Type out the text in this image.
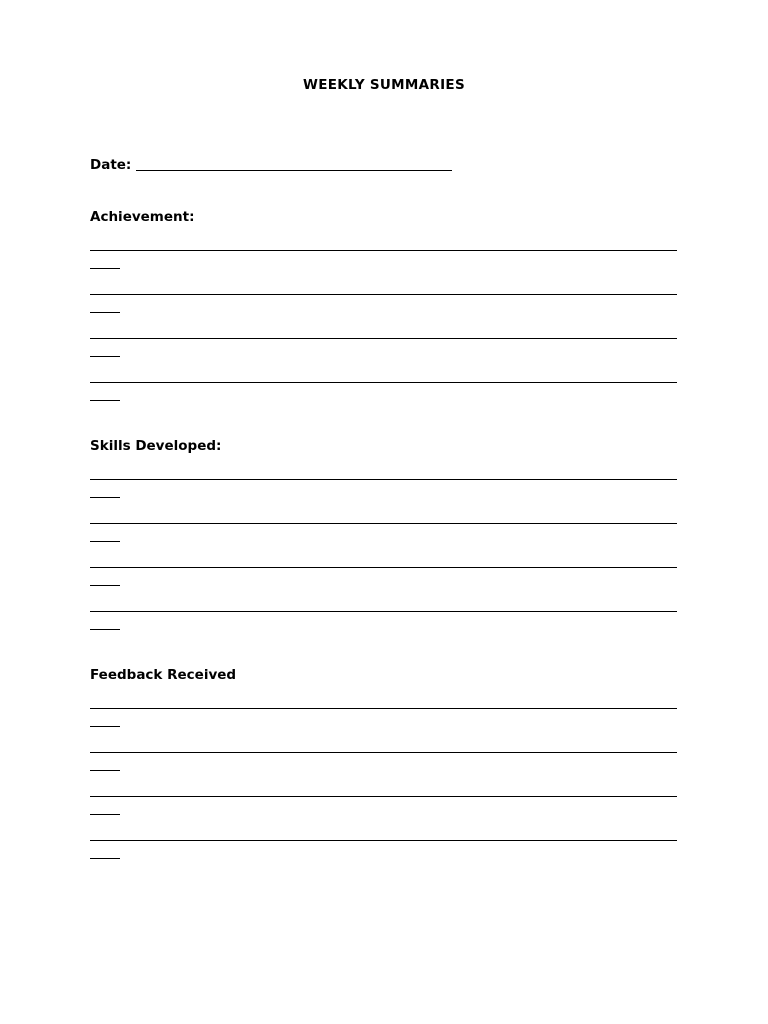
WEEKLY SUMMARIES
Date:
Achievement:
Skills Developed:
Feedback Received
